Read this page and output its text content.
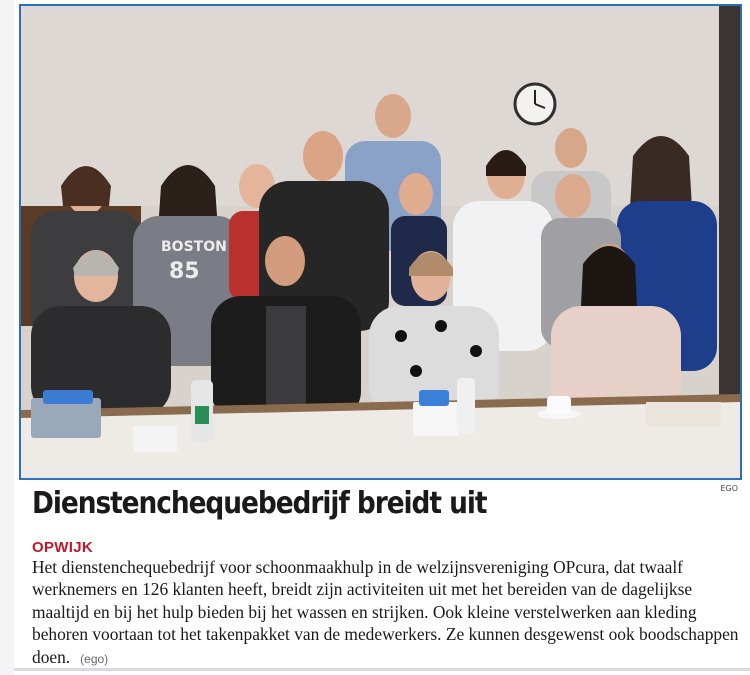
BOSTON
85
EGO
Dienstenchequebedrijf breidt uit
OPWIJK
Het dienstenchequebedrijf voor schoonmaakhulp in de welzijnsvereniging OPcura, dat twaalf werknemers en 126 klanten heeft, breidt zijn activiteiten uit met het bereiden van de dagelijkse maaltijd en bij het hulp bieden bij het wassen en strijken. Ook kleine verstelwerken aan kleding behoren voortaan tot het takenpakket van de medewerkers. Ze kunnen desgewenst ook boodschappen doen. (ego)
